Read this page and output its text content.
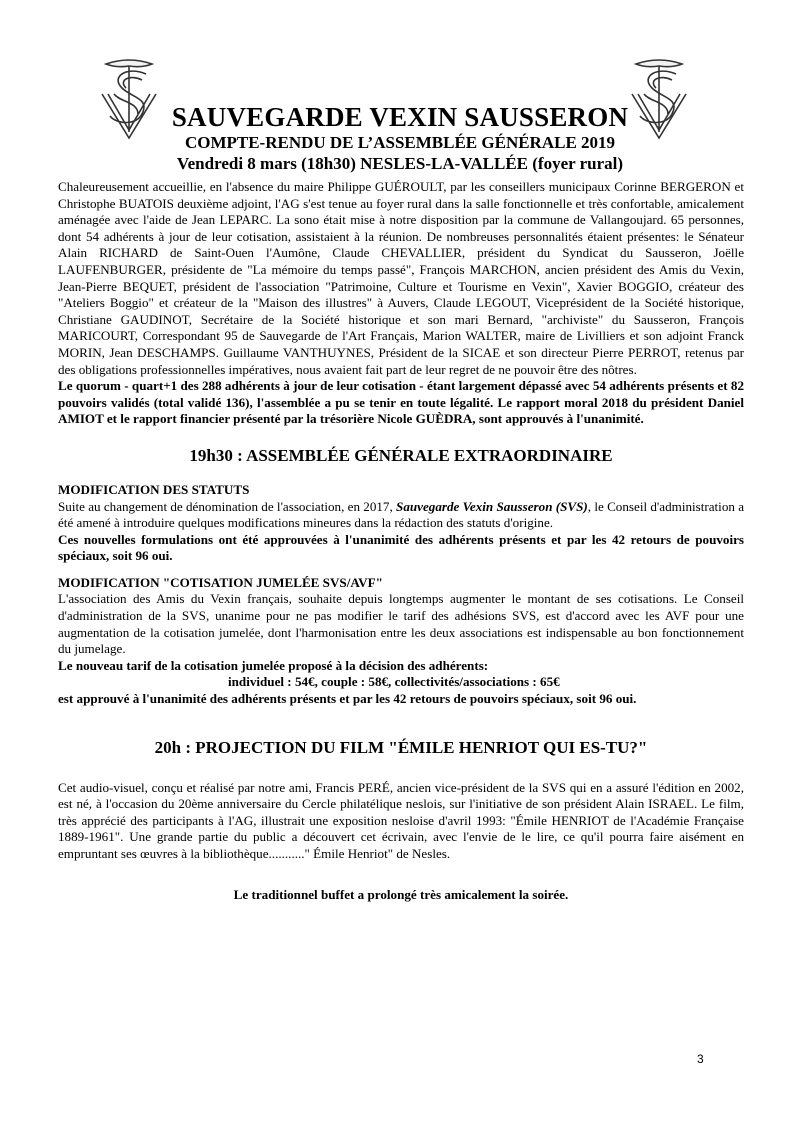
SAUVEGARDE VEXIN SAUSSERON
COMPTE-RENDU DE L’ASSEMBLÉE GÉNÉRALE 2019
Vendredi 8 mars (18h30) NESLES-LA-VALLÉE (foyer rural)

Chaleureusement accueillie, en l'absence du maire Philippe GUÉROULT, par les conseillers municipaux Corinne BERGERON et Christophe BUATOIS deuxième adjoint, l'AG s'est tenue au foyer rural dans la salle fonctionnelle et très confortable, amicalement aménagée avec l'aide de Jean LEPARC. La sono était mise à notre disposition par la commune de Vallangoujard. 65 personnes, dont 54 adhérents à jour de leur cotisation, assistaient à la réunion. De nombreuses personnalités étaient présentes: le Sénateur Alain RICHARD de Saint-Ouen l'Aumône, Claude CHEVALLIER, président du Syndicat du Sausseron, Joëlle LAUFENBURGER, présidente de "La mémoire du temps passé", François MARCHON, ancien président des Amis du Vexin, Jean-Pierre BEQUET, président de l'association "Patrimoine, Culture et Tourisme en Vexin", Xavier BOGGIO, créateur des "Ateliers Boggio" et créateur de la "Maison des illustres" à Auvers, Claude LEGOUT, Viceprésident de la Société historique, Christiane GAUDINOT, Secrétaire de la Société historique et son mari Bernard, "archiviste" du Sausseron, François MARICOURT, Correspondant 95 de Sauvegarde de l'Art Français, Marion WALTER, maire de Livilliers et son adjoint Franck MORIN, Jean DESCHAMPS. Guillaume VANTHUYNES, Président de la SICAE et son directeur Pierre PERROT, retenus par des obligations professionnelles impératives, nous avaient fait part de leur regret de ne pouvoir être des nôtres.

Le quorum - quart+1 des 288 adhérents à jour de leur cotisation - étant largement dépassé avec 54 adhérents présents et 82 pouvoirs validés (total validé 136), l'assemblée a pu se tenir en toute légalité. Le rapport moral 2018 du président Daniel AMIOT et le rapport financier présenté par la trésorière Nicole GUÈDRA, sont approuvés à l'unanimité.

19h30 : ASSEMBLÉE GÉNÉRALE EXTRAORDINAIRE
MODIFICATION DES STATUTS

Suite au changement de dénomination de l'association, en 2017, Sauvegarde Vexin Sausseron (SVS), le Conseil d'administration a été amené à introduire quelques modifications mineures dans la rédaction des statuts d'origine.

Ces nouvelles formulations ont été approuvées à l'unanimité des adhérents présents et par les 42 retours de pouvoirs spéciaux, soit 96 oui.

MODIFICATION "COTISATION JUMELÉE SVS/AVF"

L'association des Amis du Vexin français, souhaite depuis longtemps augmenter le montant de ses cotisations. Le Conseil d'administration de la SVS, unanime pour ne pas modifier le tarif des adhésions SVS, est d'accord avec les AVF pour une augmentation de la cotisation jumelée, dont l'harmonisation entre les deux associations est indispensable au bon fonctionnement du jumelage.

Le nouveau tarif de la cotisation jumelée proposé à la décision des adhérents:

individuel : 54€, couple : 58€, collectivités/associations : 65€

est approuvé à l'unanimité des adhérents présents et par les 42 retours de pouvoirs spéciaux, soit 96 oui.

20h : PROJECTION DU FILM "ÉMILE HENRIOT QUI ES-TU?"

Cet audio-visuel, conçu et réalisé par notre ami, Francis PERÉ, ancien vice-président de la SVS qui en a assuré l'édition en 2002, est né, à l'occasion du 20ème anniversaire du Cercle philatélique neslois, sur l'initiative de son président Alain ISRAEL. Le film, très apprécié des participants à l'AG, illustrait une exposition nesloise d'avril 1993: "Émile HENRIOT de l'Académie Française 1889-1961". Une grande partie du public a découvert cet écrivain, avec l'envie de le lire, ce qu'il pourra faire aisément en empruntant ses œuvres à la bibliothèque..........." Émile Henriot" de Nesles.

Le traditionnel buffet a prolongé très amicalement la soirée.

3
